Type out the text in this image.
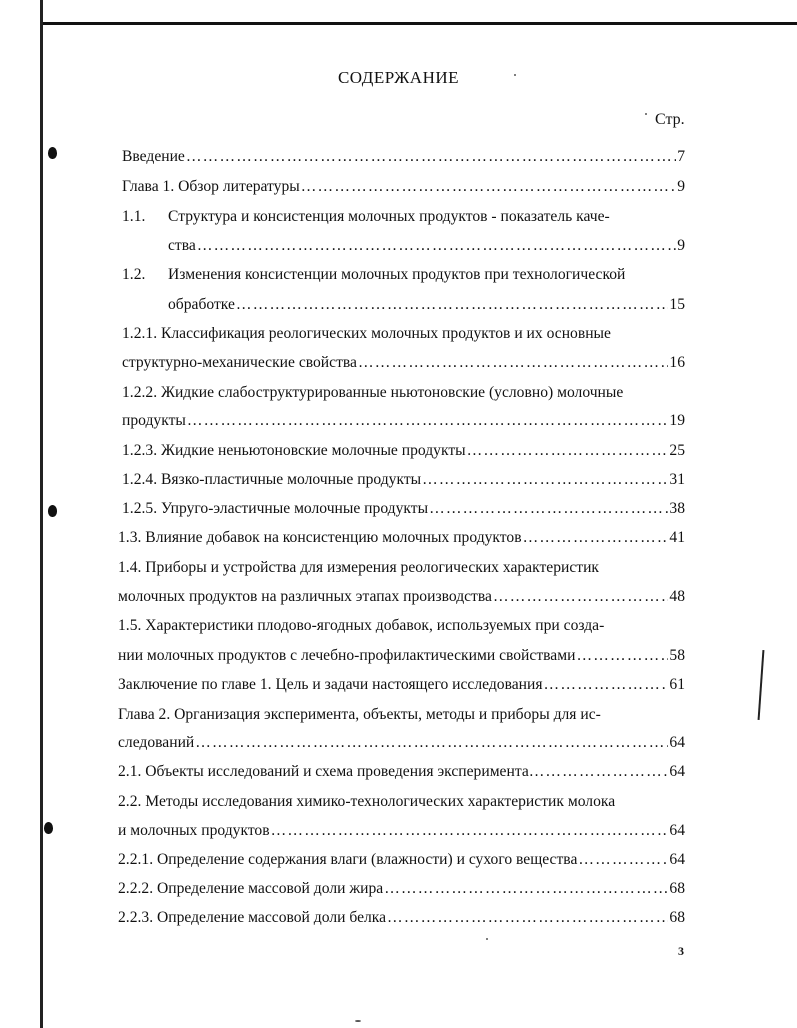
СОДЕРЖАНИЕ
Стр.
Введение ………………………………………………………………………………………………………………………………………………………………………	7
Глава 1. Обзор литературы ………………………………………………………………………………………………………………………………………………………………………	9
1.1. Структура и консистенция молочных продуктов - показатель каче-
ства ………………………………………………………………………………………………………………………………………………………………………	9
1.2. Изменения консистенции молочных продуктов при технологической
обработке ………………………………………………………………………………………………………………………………………………………………………	15
1.2.1. Классификация реологических молочных продуктов и их основные
структурно-механические свойства ………………………………………………………………………………………………………………………………………………………………………	16
1.2.2. Жидкие слабоструктурированные ньютоновские (условно) молочные
продукты ………………………………………………………………………………………………………………………………………………………………………	19
1.2.3. Жидкие неньютоновские молочные продукты ………………………………………………………………………………………………………………………………………………………………………	25
1.2.4. Вязко-пластичные молочные продукты ………………………………………………………………………………………………………………………………………………………………………	31
1.2.5. Упруго-эластичные молочные продукты ………………………………………………………………………………………………………………………………………………………………………	38
1.3. Влияние добавок на консистенцию молочных продуктов ………………………………………………………………………………………………………………………………………………………………………	41
1.4. Приборы и устройства для измерения реологических характеристик
молочных продуктов на различных этапах производства ………………………………………………………………………………………………………………………………………………………………………	48
1.5. Характеристики плодово-ягодных добавок, используемых при созда-
нии молочных продуктов с лечебно-профилактическими свойствами ………………………………………………………………………………………………………………………………………………………………………	58
Заключение по главе 1. Цель и задачи настоящего исследования ………………………………………………………………………………………………………………………………………………………………………	61
Глава 2. Организация эксперимента, объекты, методы и приборы для ис-
следований ………………………………………………………………………………………………………………………………………………………………………	64
2.1. Объекты исследований и схема проведения эксперимента… ………………………………………………………………………………………………………………………………………………………………………	64
2.2. Методы исследования химико-технологических характеристик молока
и молочных продуктов ………………………………………………………………………………………………………………………………………………………………………	64
2.2.1. Определение содержания влаги (влажности) и сухого вещества ………………………………………………………………………………………………………………………………………………………………………	64
2.2.2. Определение массовой доли жира ………………………………………………………………………………………………………………………………………………………………………	68
2.2.3. Определение массовой доли белка ………………………………………………………………………………………………………………………………………………………………………	68
3
